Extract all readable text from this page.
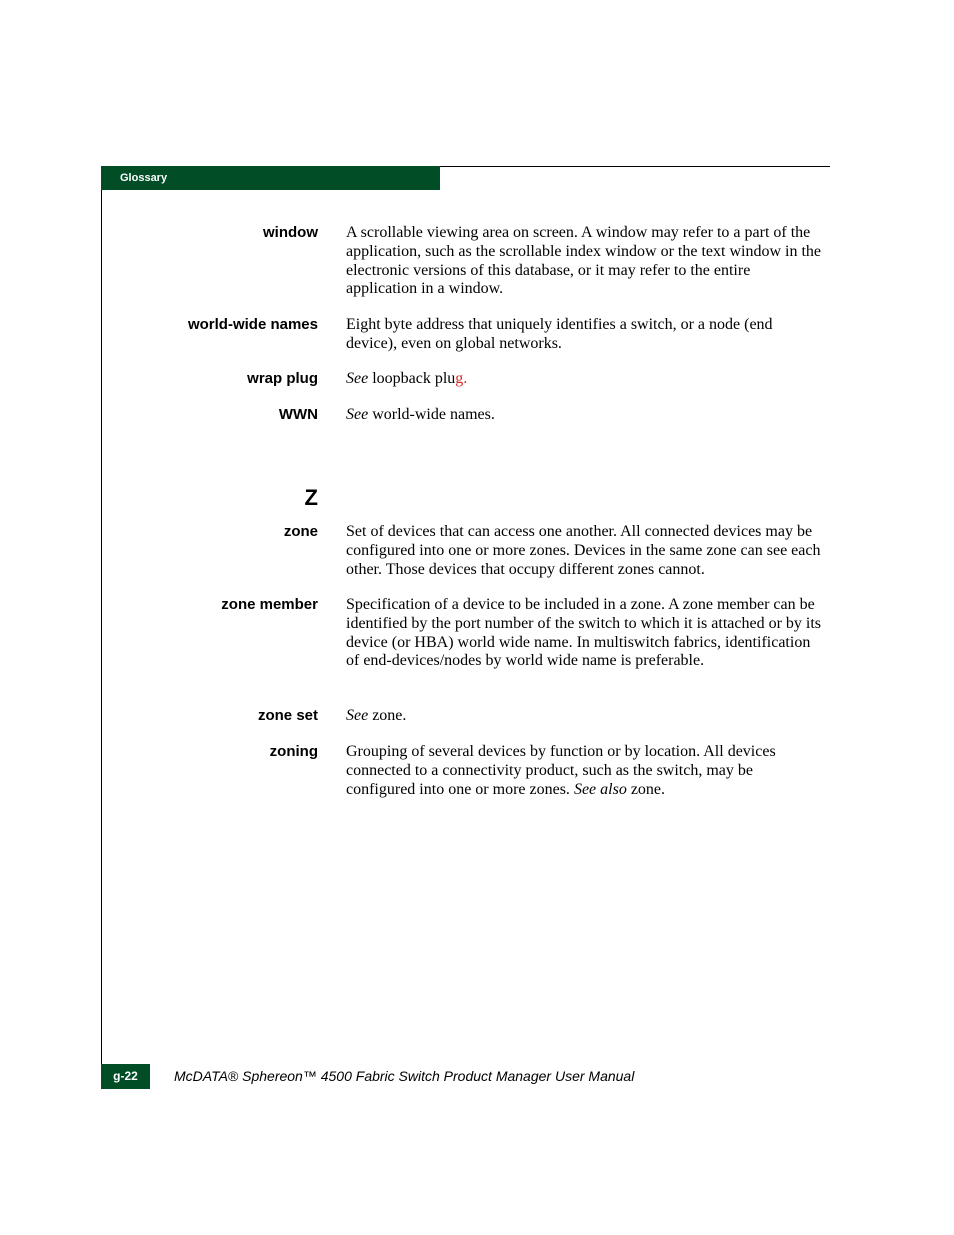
Glossary
window A scrollable viewing area on screen. A window may refer to a part of the application, such as the scrollable index window or the text window in the electronic versions of this database, or it may refer to the entire application in a window.
world-wide names Eight byte address that uniquely identifies a switch, or a node (end device), even on global networks.
wrap plug See loopback plug.
WWN See world-wide names.
Z
zone Set of devices that can access one another. All connected devices may be configured into one or more zones. Devices in the same zone can see each other. Those devices that occupy different zones cannot.
zone member Specification of a device to be included in a zone. A zone member can be identified by the port number of the switch to which it is attached or by its device (or HBA) world wide name. In multiswitch fabrics, identification of end-devices/nodes by world wide name is preferable.
zone set See zone.
zoning Grouping of several devices by function or by location. All devices connected to a connectivity product, such as the switch, may be configured into one or more zones. See also zone.
g-22	McDATA® Sphereon™ 4500 Fabric Switch Product Manager User Manual
